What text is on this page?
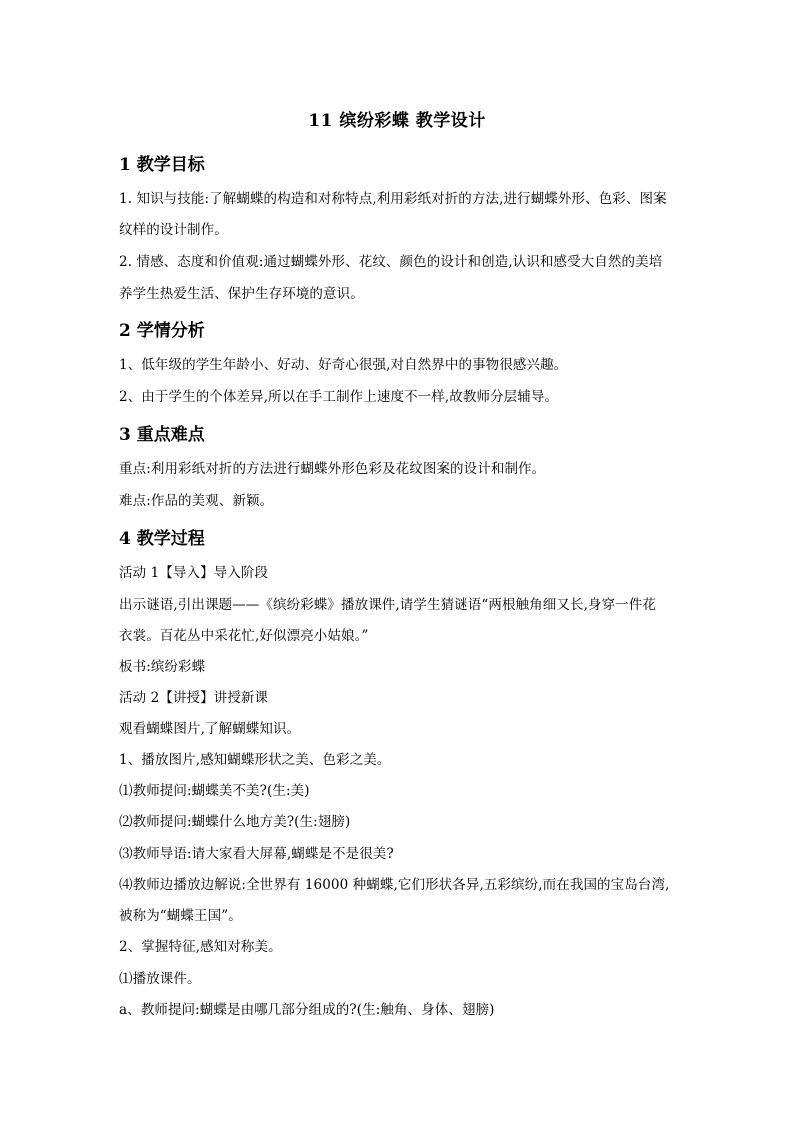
11 缤纷彩蝶 教学设计
1 教学目标
1. 知识与技能:了解蝴蝶的构造和对称特点,利用彩纸对折的方法,进行蝴蝶外形、色彩、图案
纹样的设计制作。
2. 情感、态度和价值观:通过蝴蝶外形、花纹、颜色的设计和创造,认识和感受大自然的美培
养学生热爱生活、保护生存环境的意识。
2 学情分析
1、低年级的学生年龄小、好动、好奇心很强,对自然界中的事物很感兴趣。
2、由于学生的个体差异,所以在手工制作上速度不一样,故教师分层辅导。
3 重点难点
重点:利用彩纸对折的方法进行蝴蝶外形色彩及花纹图案的设计和制作。
难点:作品的美观、新颖。
4 教学过程
活动 1【导入】导入阶段
出示谜语,引出课题——《缤纷彩蝶》播放课件,请学生猜谜语“两根触角细又长,身穿一件花
衣裳。百花丛中采花忙,好似漂亮小姑娘。”
板书:缤纷彩蝶
活动 2【讲授】讲授新课
观看蝴蝶图片,了解蝴蝶知识。
1、播放图片,感知蝴蝶形状之美、色彩之美。
⑴教师提问:蝴蝶美不美?(生:美)
⑵教师提问:蝴蝶什么地方美?(生:翅膀)
⑶教师导语:请大家看大屏幕,蝴蝶是不是很美?
⑷教师边播放边解说:全世界有 16000 种蝴蝶,它们形状各异,五彩缤纷,而在我国的宝岛台湾,
被称为“蝴蝶王国”。
2、掌握特征,感知对称美。
⑴播放课件。
a、教师提问:蝴蝶是由哪几部分组成的?(生:触角、身体、翅膀)
